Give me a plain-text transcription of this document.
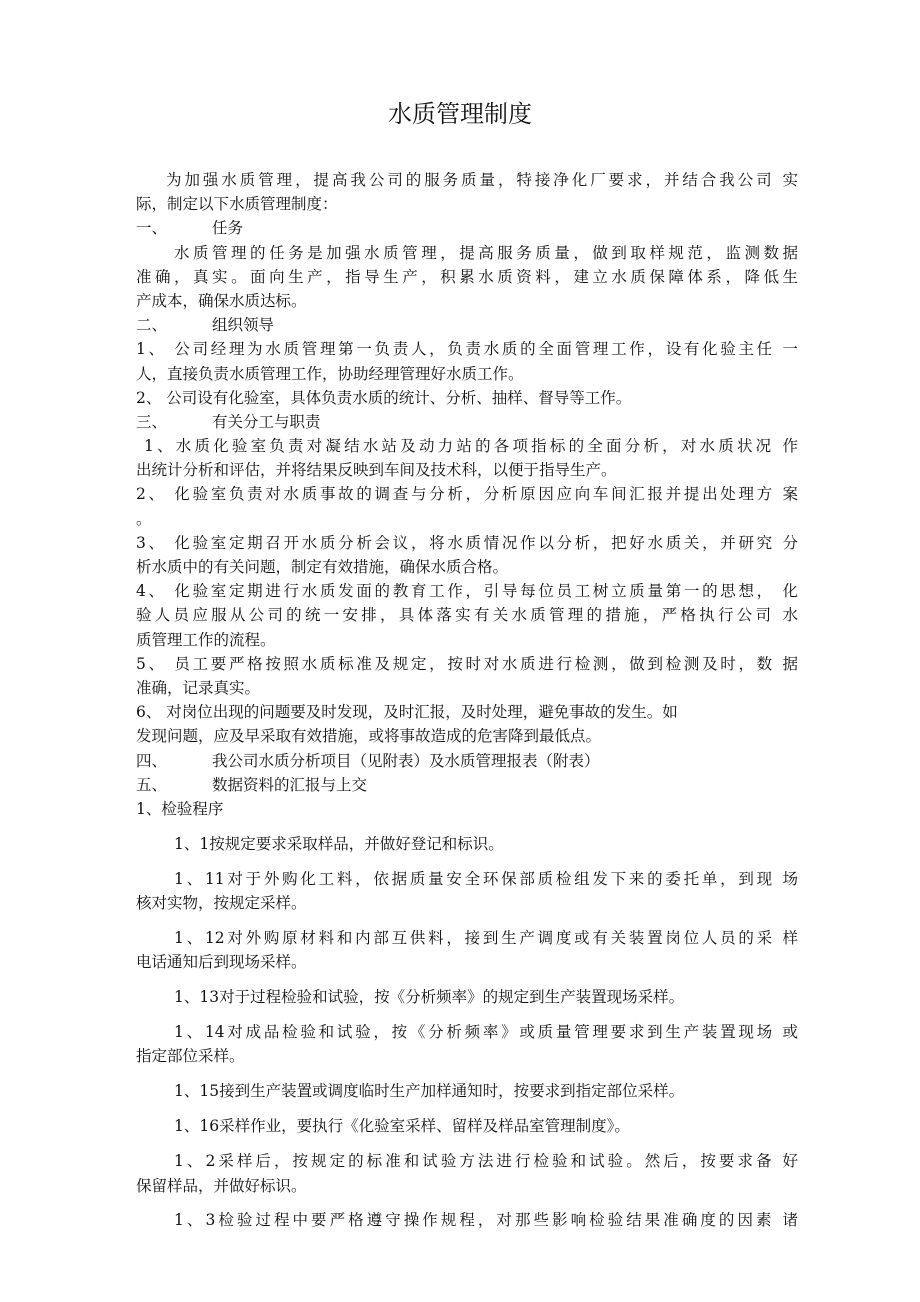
水质管理制度
为加强水质管理，提高我公司的服务质量，特接净化厂要求，并结合我公司 实
际，制定以下水质管理制度：
一、	任务
水质管理的任务是加强水质管理，提高服务质量，做到取样规范，监测数据
准确，真实。面向生产，指导生产，积累水质资料，建立水质保障体系，降低生
产成本，确保水质达标。
二、	组织领导
1、 公司经理为水质管理第一负责人，负责水质的全面管理工作，设有化验主任 一
人，直接负责水质管理工作，协助经理管理好水质工作。
2、 公司设有化验室，具体负责水质的统计、分析、抽样、督导等工作。
三、	有关分工与职责
1、水质化验室负责对凝结水站及动力站的各项指标的全面分析，对水质状况 作
出统计分析和评估，并将结果反映到车间及技术科，以便于指导生产。
2、 化验室负责对水质事故的调查与分析，分析原因应向车间汇报并提出处理方 案
。
3、 化验室定期召开水质分析会议，将水质情况作以分析，把好水质关，并研究 分
析水质中的有关问题，制定有效措施，确保水质合格。
4、 化验室定期进行水质发面的教育工作，引导每位员工树立质量第一的思想， 化
验人员应服从公司的统一安排，具体落实有关水质管理的措施，严格执行公司 水
质管理工作的流程。
5、 员工要严格按照水质标准及规定，按时对水质进行检测，做到检测及时，数 据
准确，记录真实。
6、 对岗位出现的问题要及时发现，及时汇报，及时处理，避免事故的发生。如
发现问题，应及早采取有效措施，或将事故造成的危害降到最低点。
四、	我公司水质分析项目（见附表）及水质管理报表（附表）
五、	数据资料的汇报与上交
1、检验程序
1、1按规定要求采取样品，并做好登记和标识。
1、11对于外购化工料，依据质量安全环保部质检组发下来的委托单，到现 场
核对实物，按规定采样。
1、12对外购原材料和内部互供料，接到生产调度或有关装置岗位人员的采 样
电话通知后到现场采样。
1、13对于过程检验和试验，按《分析频率》的规定到生产装置现场采样。
1、14对成品检验和试验，按《分析频率》或质量管理要求到生产装置现场 或
指定部位采样。
1、15接到生产装置或调度临时生产加样通知时，按要求到指定部位采样。
1、16采样作业，要执行《化验室采样、留样及样品室管理制度》。
1、2采样后，按规定的标准和试验方法进行检验和试验。然后，按要求备 好
保留样品，并做好标识。
1、3检验过程中要严格遵守操作规程，对那些影响检验结果准确度的因素 诸
